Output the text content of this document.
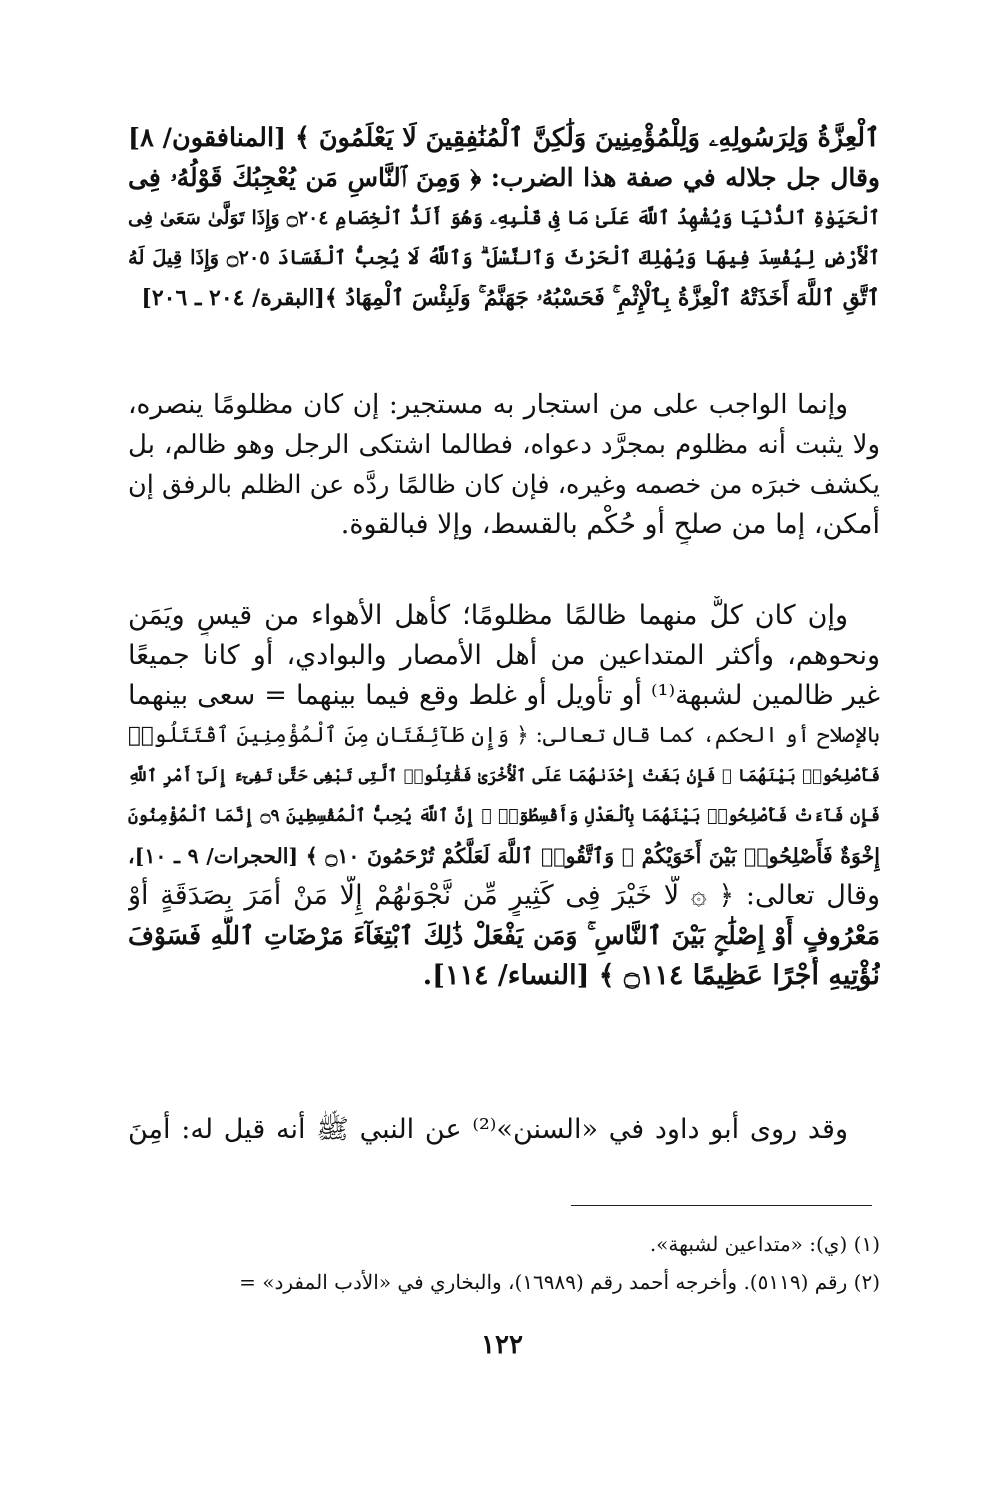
ٱلْعِزَّةُ وَلِرَسُولِهِۦ وَلِلْمُؤْمِنِينَ وَلَٰكِنَّ ٱلْمُنَٰفِقِينَ لَا يَعْلَمُونَ ﴾ [المنافقون/ ٨]
وقال جل جلاله في صفة هذا الضرب: ﴿ وَمِنَ ٱلنَّاسِ مَن يُعْجِبُكَ قَوْلُهُۥ فِى
ٱلْحَيَوٰةِ ٱلدُّنْيَا وَيُشْهِدُ ٱللَّهَ عَلَىٰ مَا فِى قَلْبِهِۦ وَهُوَ أَلَدُّ ٱلْخِصَامِ ۝٢٠٤ وَإِذَا تَوَلَّىٰ سَعَىٰ فِى
ٱلْأَرْضِ لِيُفْسِدَ فِيهَا وَيُهْلِكَ ٱلْحَرْثَ وَٱلنَّسْلَ ۗ وَٱللَّهُ لَا يُحِبُّ ٱلْفَسَادَ ۝٢٠٥ وَإِذَا قِيلَ لَهُ
ٱتَّقِ ٱللَّهَ أَخَذَتْهُ ٱلْعِزَّةُ بِٱلْإِثْمِ ۚ فَحَسْبُهُۥ جَهَنَّمُ ۚ وَلَبِئْسَ ٱلْمِهَادُ ﴾[البقرة/ ٢٠٤ ـ ٢٠٦]
وإنما الواجب على من استجار به مستجير: إن كان مظلومًا ينصره،
ولا يثبت أنه مظلوم بمجرَّد دعواه، فطالما اشتكى الرجل وهو ظالم، بل
يكشف خبرَه من خصمه وغيره، فإن كان ظالمًا ردَّه عن الظلم بالرفق إن
أمكن، إما من صلحٍ أو حُكْم بالقسط، وإلا فبالقوة.
وإن كان كلٌّ منهما ظالمًا مظلومًا؛ كأهل الأهواء من قيسٍ ويَمَن
ونحوهم، وأكثر المتداعين من أهل الأمصار والبوادي، أو كانا جميعًا
غير ظالمين لشبهة⁽¹⁾ أو تأويل أو غلط وقع فيما بينهما = سعى بينهما
بالإصلاح أو الحكم، كما قال تعالى: ﴿ وَإِن طَآئِفَتَانِ مِنَ ٱلْمُؤْمِنِينَ ٱقْتَتَلُوا۟
فَأَصْلِحُوا۟ بَيْنَهُمَا ۖ فَإِنۢ بَغَتْ إِحْدَىٰهُمَا عَلَى ٱلْأُخْرَىٰ فَقَٰتِلُوا۟ ٱلَّتِى تَبْغِى حَتَّىٰ تَفِىٓءَ إِلَىٰٓ أَمْرِ ٱللَّهِ
فَإِن فَآءَتْ فَأَصْلِحُوا۟ بَيْنَهُمَا بِٱلْعَدْلِ وَأَقْسِطُوٓا۟ ۖ إِنَّ ٱللَّهَ يُحِبُّ ٱلْمُقْسِطِينَ ۝٩ إِنَّمَا ٱلْمُؤْمِنُونَ
إِخْوَةٌ فَأَصْلِحُوا۟ بَيْنَ أَخَوَيْكُمْ ۚ وَٱتَّقُوا۟ ٱللَّهَ لَعَلَّكُمْ تُرْحَمُونَ ۝١٠ ﴾ [الحجرات/ ٩ ـ ١٠]،
وقال تعالى: ﴿ ۞ لَّا خَيْرَ فِى كَثِيرٍ مِّن نَّجْوَىٰهُمْ إِلَّا مَنْ أَمَرَ بِصَدَقَةٍ أَوْ
مَعْرُوفٍ أَوْ إِصْلَٰحٍۭ بَيْنَ ٱلنَّاسِ ۚ وَمَن يَفْعَلْ ذَٰلِكَ ٱبْتِغَآءَ مَرْضَاتِ ٱللَّهِ فَسَوْفَ
نُؤْتِيهِ أَجْرًا عَظِيمًا ۝١١٤ ﴾ [النساء/ ١١٤].
وقد روى أبو داود في «السنن»⁽²⁾ عن النبي ﷺ أنه قيل له: أمِنَ
(١) (ي): «متداعين لشبهة».
(٢) رقم (٥١١٩). وأخرجه أحمد رقم (١٦٩٨٩)، والبخاري في «الأدب المفرد» =
١٢٢
